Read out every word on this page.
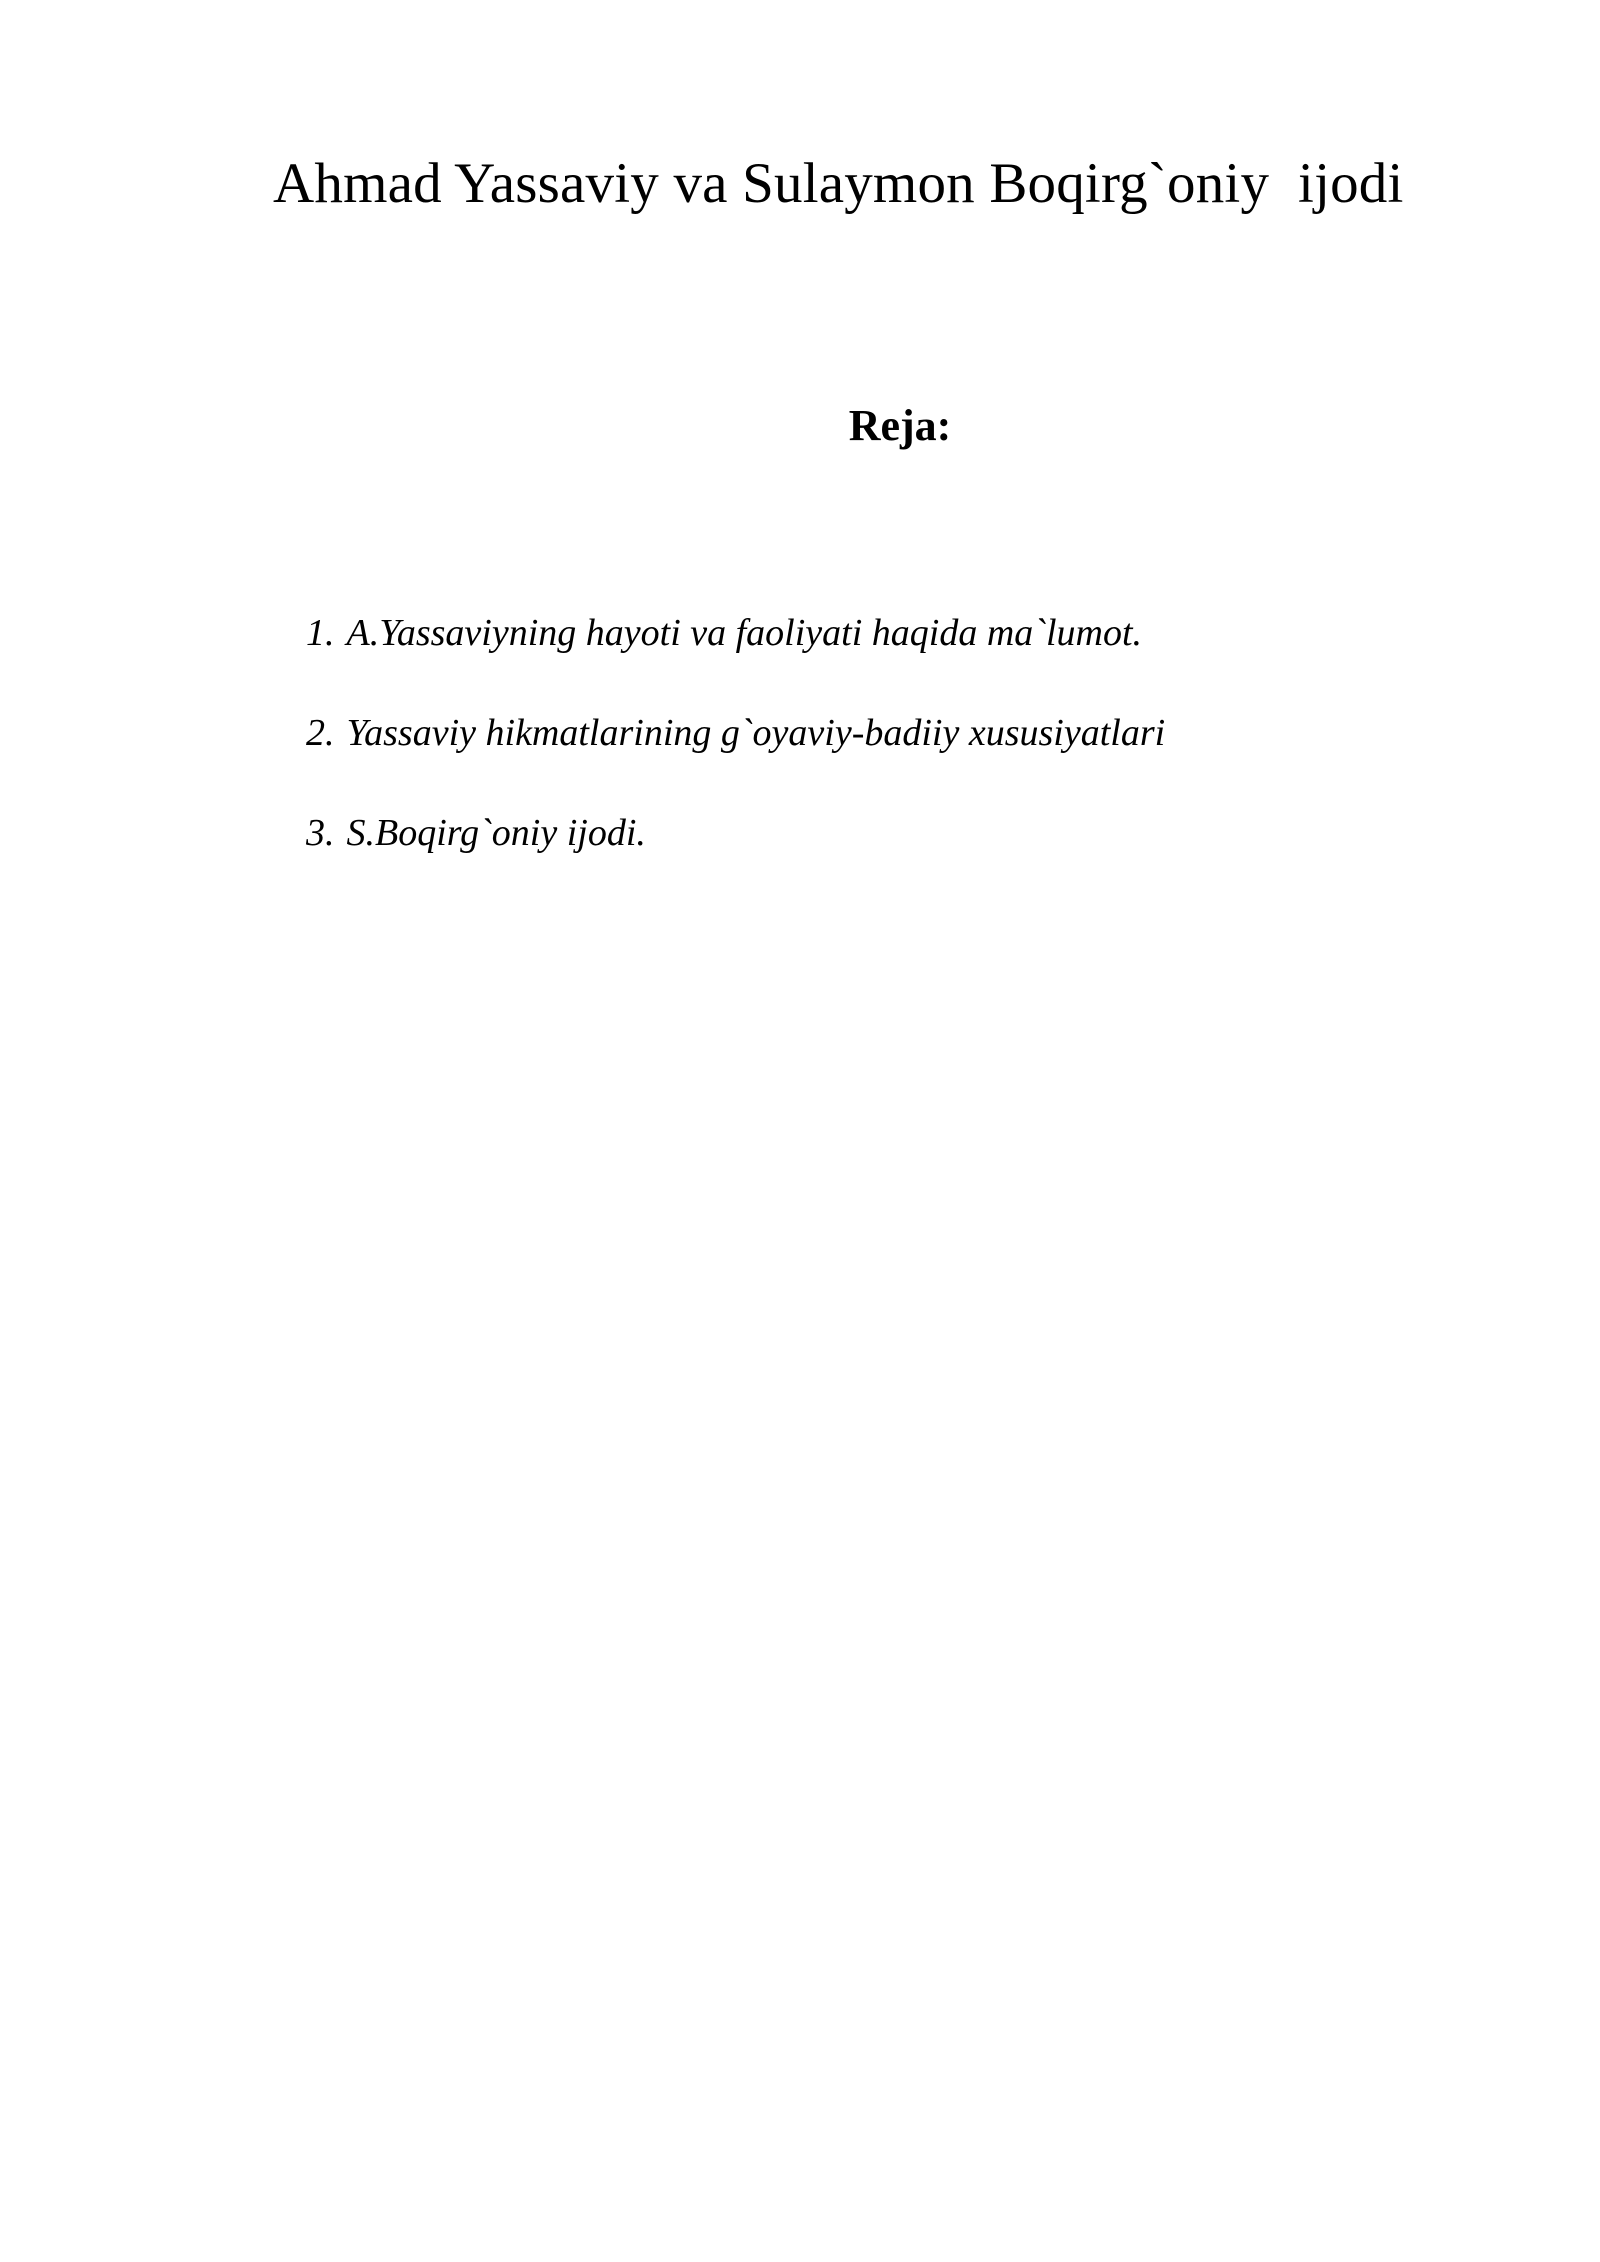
Ahmad Yassaviy va Sulaymon Boqirg`oniy  ijodi
Reja:
1. A.Yassaviyning hayoti va faoliyati haqida ma`lumot.
2. Yassaviy hikmatlarining g`oyaviy-badiiy xususiyatlari
3. S.Boqirg`oniy ijodi.
